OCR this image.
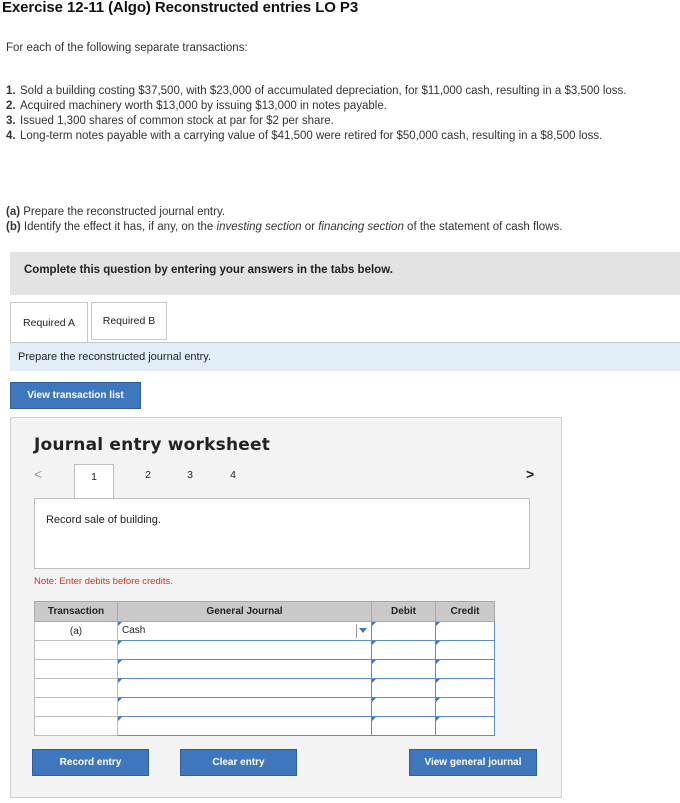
Exercise 12-11 (Algo) Reconstructed entries LO P3
For each of the following separate transactions:
1. Sold a building costing $37,500, with $23,000 of accumulated depreciation, for $11,000 cash, resulting in a $3,500 loss.
2. Acquired machinery worth $13,000 by issuing $13,000 in notes payable.
3. Issued 1,300 shares of common stock at par for $2 per share.
4. Long-term notes payable with a carrying value of $41,500 were retired for $50,000 cash, resulting in a $8,500 loss.
(a) Prepare the reconstructed journal entry.
(b) Identify the effect it has, if any, on the investing section or financing section of the statement of cash flows.
Complete this question by entering your answers in the tabs below.
Required A	Required B
Prepare the reconstructed journal entry.
View transaction list
Journal entry worksheet
<	1	2	3	4	>
Record sale of building.
Note: Enter debits before credits.
Transaction	General Journal	Debit	Credit
(a)	Cash		

Record entry	Clear entry	View general journal
